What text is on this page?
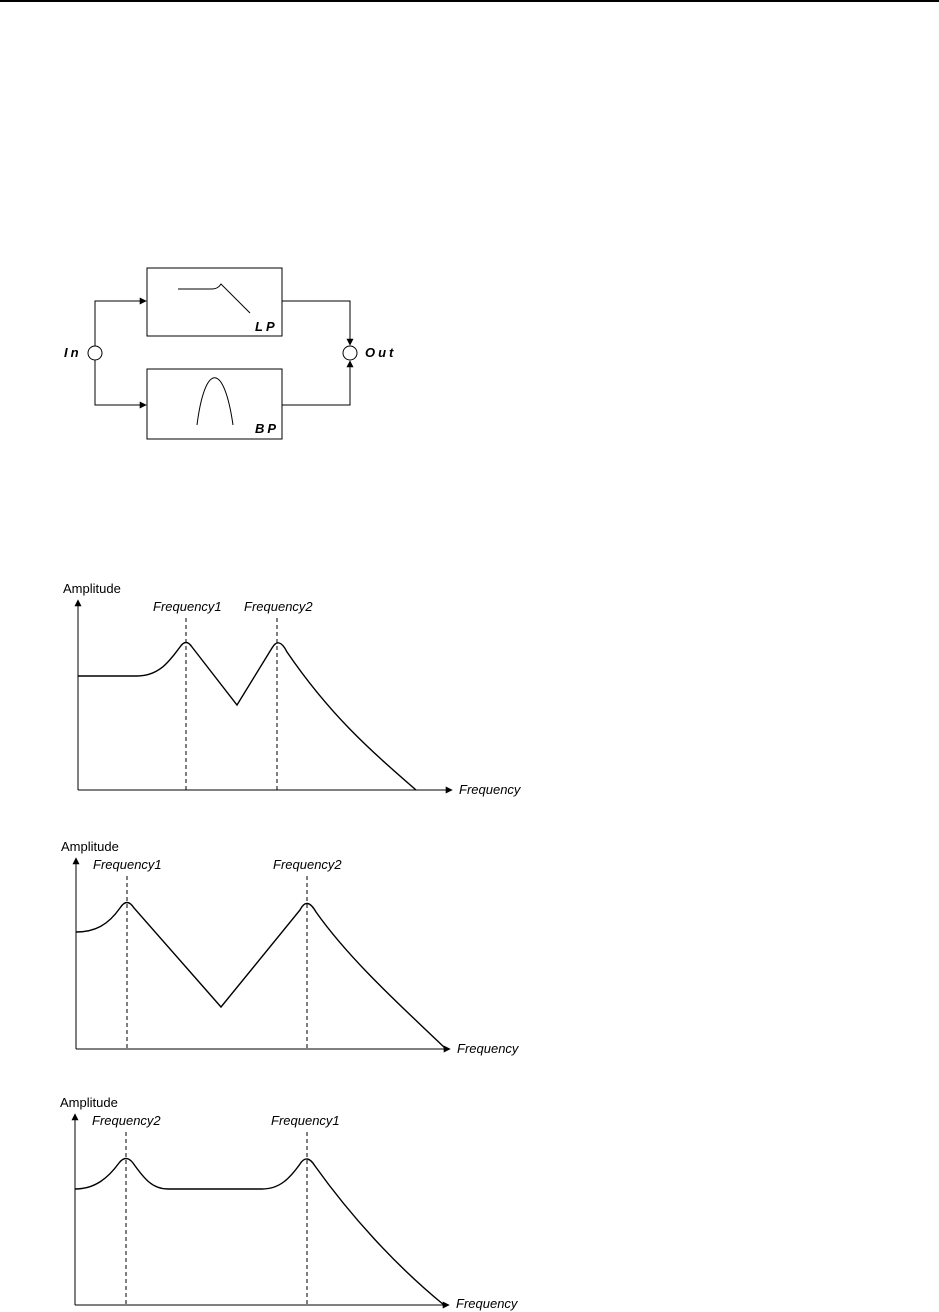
In	Out
LP
BP
Amplitude
Frequency
Frequency1 Frequency2
Amplitude
Frequency
Frequency1	Frequency2
Amplitude
Frequency
Frequency2	Frequency1
